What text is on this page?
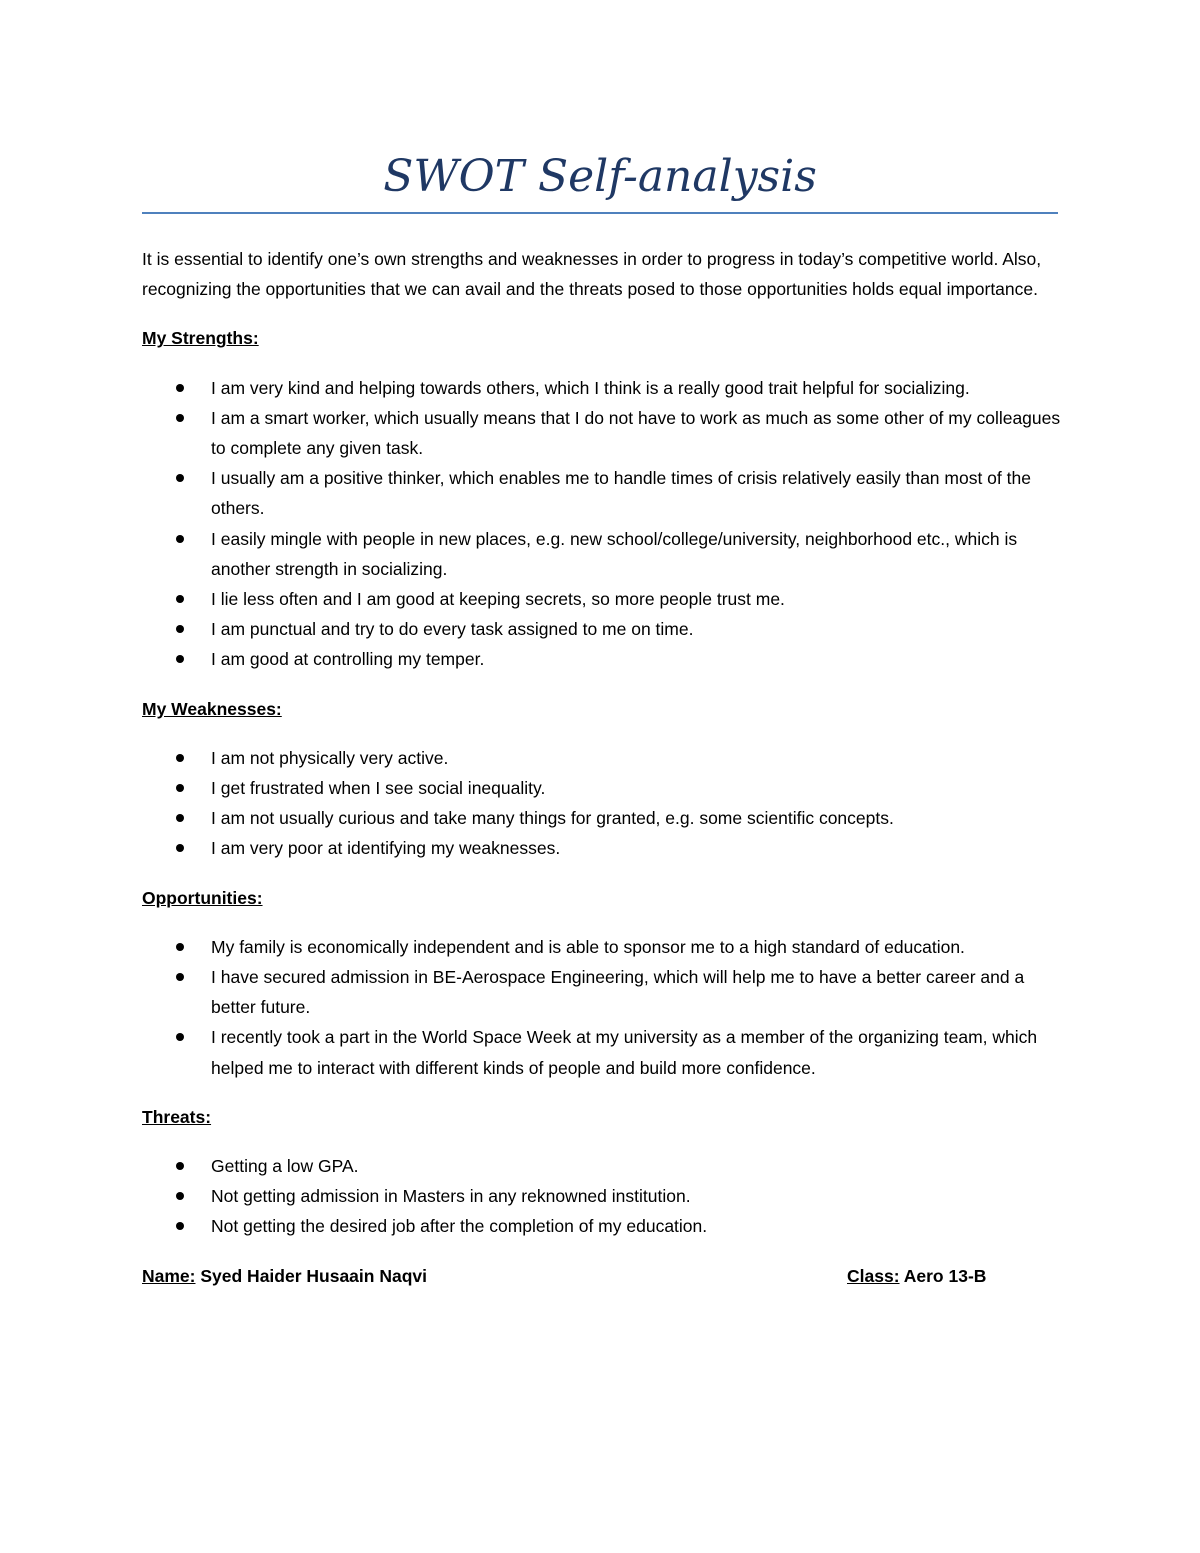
SWOT Self-analysis

It is essential to identify one’s own strengths and weaknesses in order to progress in today’s competitive world. Also, recognizing the opportunities that we can avail and the threats posed to those opportunities holds equal importance.

My Strengths:

I am very kind and helping towards others, which I think is a really good trait helpful for socializing.
I am a smart worker, which usually means that I do not have to work as much as some other of my colleagues to complete any given task.
I usually am a positive thinker, which enables me to handle times of crisis relatively easily than most of the others.
I easily mingle with people in new places, e.g. new school/college/university, neighborhood etc., which is another strength in socializing.
I lie less often and I am good at keeping secrets, so more people trust me.
I am punctual and try to do every task assigned to me on time.
I am good at controlling my temper.

My Weaknesses:

I am not physically very active.
I get frustrated when I see social inequality.
I am not usually curious and take many things for granted, e.g. some scientific concepts.
I am very poor at identifying my weaknesses.

Opportunities:

My family is economically independent and is able to sponsor me to a high standard of education.
I have secured admission in BE-Aerospace Engineering, which will help me to have a better career and a better future.
I recently took a part in the World Space Week at my university as a member of the organizing team, which helped me to interact with different kinds of people and build more confidence.

Threats:

Getting a low GPA.
Not getting admission in Masters in any reknowned institution.
Not getting the desired job after the completion of my education.
Name: Syed Haider Husaain Naqvi	Class: Aero 13-B
